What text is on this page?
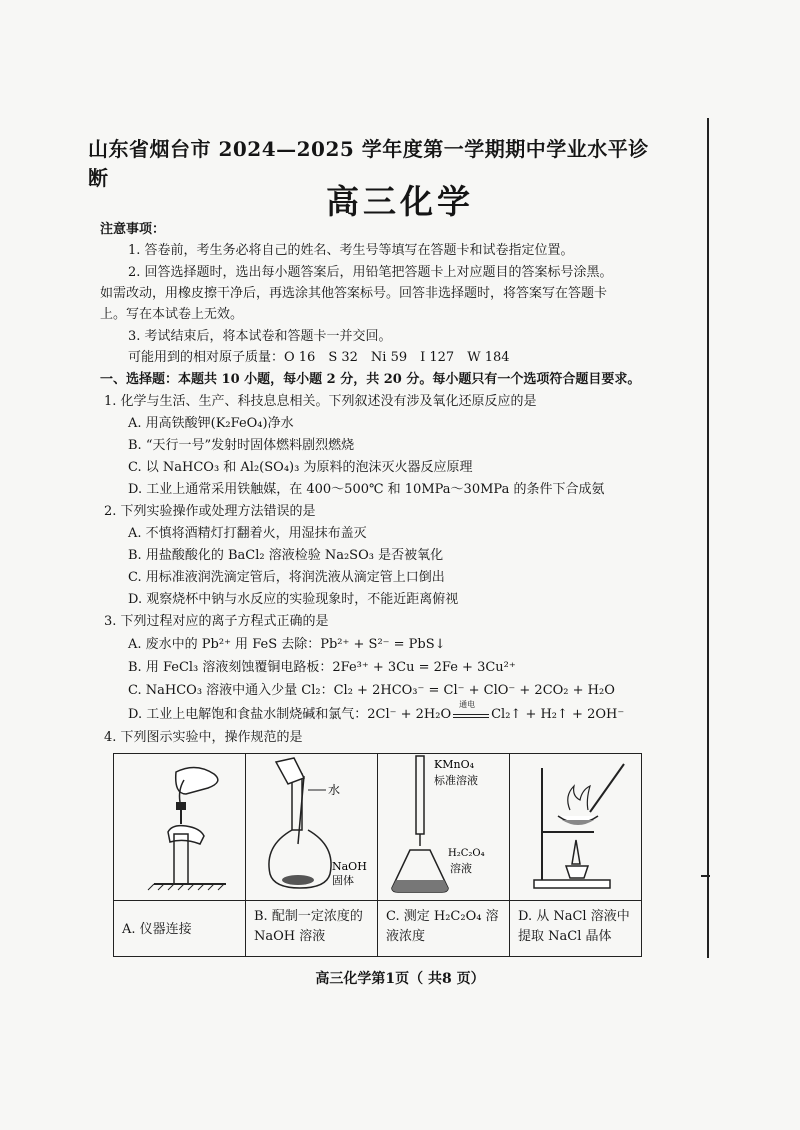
山东省烟台市 2024—2025 学年度第一学期期中学业水平诊断
高三化学
注意事项：
1. 答卷前，考生务必将自己的姓名、考生号等填写在答题卡和试卷指定位置。
2. 回答选择题时，选出每小题答案后，用铅笔把答题卡上对应题目的答案标号涂黑。
如需改动，用橡皮擦干净后，再选涂其他答案标号。回答非选择题时，将答案写在答题卡
上。写在本试卷上无效。
3. 考试结束后，将本试卷和答题卡一并交回。
可能用到的相对原子质量：O 16　S 32　Ni 59　I 127　W 184
一、选择题：本题共 10 小题，每小题 2 分，共 20 分。每小题只有一个选项符合题目要求。
1. 化学与生活、生产、科技息息相关。下列叙述没有涉及氧化还原反应的是
A. 用高铁酸钾(K₂FeO₄)净水
B. “天行一号”发射时固体燃料剧烈燃烧
C. 以 NaHCO₃ 和 Al₂(SO₄)₃ 为原料的泡沫灭火器反应原理
D. 工业上通常采用铁触媒，在 400～500℃ 和 10MPa～30MPa 的条件下合成氨
2. 下列实验操作或处理方法错误的是
A. 不慎将酒精灯打翻着火，用湿抹布盖灭
B. 用盐酸酸化的 BaCl₂ 溶液检验 Na₂SO₃ 是否被氧化
C. 用标准液润洗滴定管后，将润洗液从滴定管上口倒出
D. 观察烧杯中钠与水反应的实验现象时，不能近距离俯视
3. 下列过程对应的离子方程式正确的是
A. 废水中的 Pb²⁺ 用 FeS 去除：Pb²⁺ + S²⁻ = PbS↓
B. 用 FeCl₃ 溶液刻蚀覆铜电路板：2Fe³⁺ + 3Cu = 2Fe + 3Cu²⁺
C. NaHCO₃ 溶液中通入少量 Cl₂：Cl₂ + 2HCO₃⁻ = Cl⁻ + ClO⁻ + 2CO₂ + H₂O
D. 工业上电解饱和食盐水制烧碱和氯气：2Cl⁻ + 2H₂O
通电
Cl₂↑ + H₂↑ + 2OH⁻
4. 下列图示实验中，操作规范的是

水
NaOH
固体	KMnO₄
标准溶液
H₂C₂O₄
溶液

A. 仪器连接	B. 配制一定浓度的 NaOH 溶液	C. 测定 H₂C₂O₄ 溶液浓度	D. 从 NaCl 溶液中提取 NaCl 晶体
高三化学第1页（ 共8 页）
